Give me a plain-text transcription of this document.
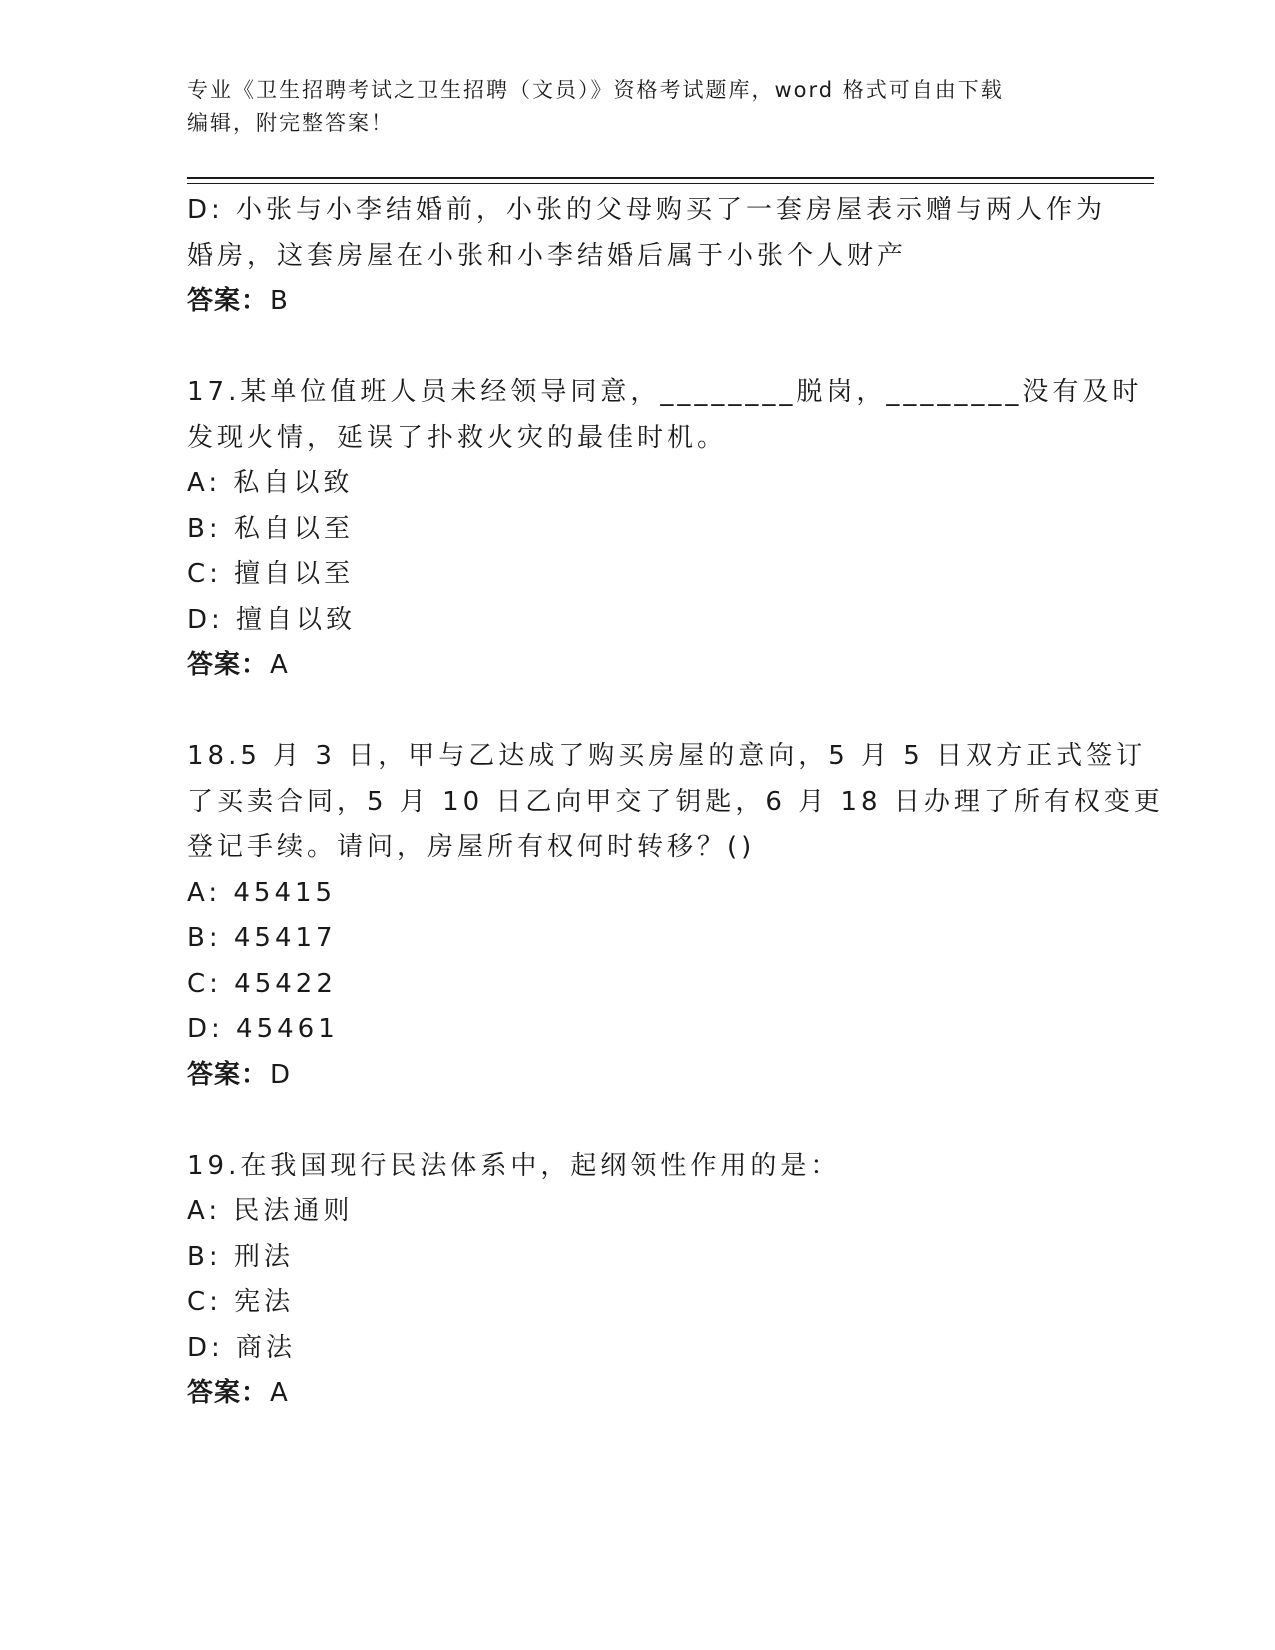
专业《卫生招聘考试之卫生招聘（文员）》资格考试题库，word 格式可自由下载
编辑，附完整答案！
D: 小张与小李结婚前，小张的父母购买了一套房屋表示赠与两人作为
婚房，这套房屋在小张和小李结婚后属于小张个人财产
答案：B
17.某单位值班人员未经领导同意，________脱岗，________没有及时
发现火情，延误了扑救火灾的最佳时机。
A: 私自以致
B: 私自以至
C: 擅自以至
D: 擅自以致
答案：A
18.5 月 3 日，甲与乙达成了购买房屋的意向，5 月 5 日双方正式签订
了买卖合同，5 月 10 日乙向甲交了钥匙，6 月 18 日办理了所有权变更
登记手续。请问，房屋所有权何时转移？()
A: 45415
B: 45417
C: 45422
D: 45461
答案：D
19.在我国现行民法体系中，起纲领性作用的是：
A: 民法通则
B: 刑法
C: 宪法
D: 商法
答案：A
